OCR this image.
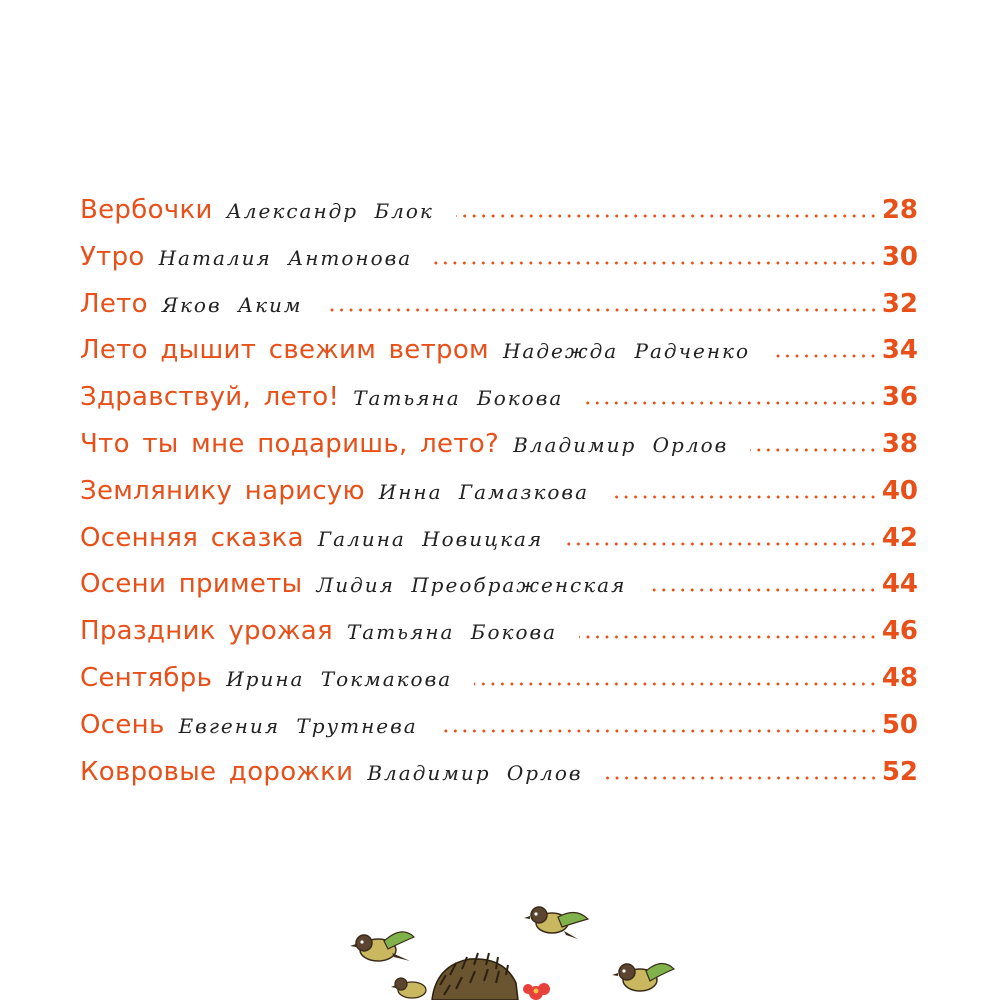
Вербочки Александр Блок	28
Утро Наталия Антонова	30
Лето Яков Аким	32
Лето дышит свежим ветром Надежда Радченко	34
Здравствуй, лето! Татьяна Бокова	36
Что ты мне подаришь, лето? Владимир Орлов	38
Землянику нарисую Инна Гамазкова	40
Осенняя сказка Галина Новицкая	42
Осени приметы Лидия Преображенская	44
Праздник урожая Татьяна Бокова	46
Сентябрь Ирина Токмакова	48
Осень Евгения Трутнева	50
Ковровые дорожки Владимир Орлов	52
